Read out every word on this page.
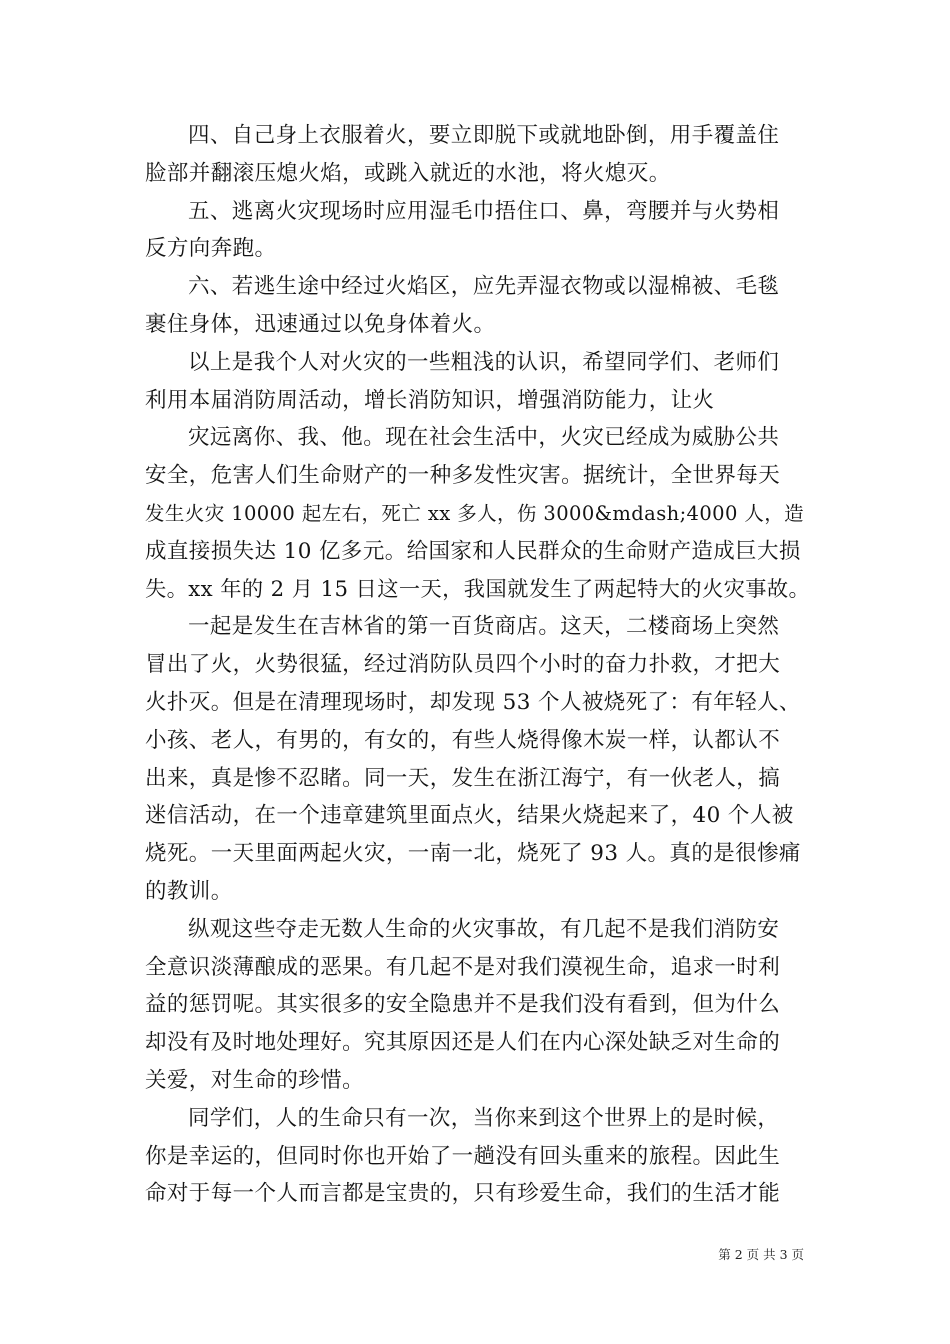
四、自己身上衣服着火，要立即脱下或就地卧倒，用手覆盖住
脸部并翻滚压熄火焰，或跳入就近的水池，将火熄灭。
五、逃离火灾现场时应用湿毛巾捂住口、鼻，弯腰并与火势相
反方向奔跑。
六、若逃生途中经过火焰区，应先弄湿衣物或以湿棉被、毛毯
裹住身体，迅速通过以免身体着火。
以上是我个人对火灾的一些粗浅的认识，希望同学们、老师们
利用本届消防周活动，增长消防知识，增强消防能力，让火
灾远离你、我、他。现在社会生活中，火灾已经成为威胁公共
安全，危害人们生命财产的一种多发性灾害。据统计，全世界每天
发生火灾 10000 起左右，死亡 xx 多人，伤 3000&mdash;4000 人，造
成直接损失达 10 亿多元。给国家和人民群众的生命财产造成巨大损
失。xx 年的 2 月 15 日这一天，我国就发生了两起特大的火灾事故。
一起是发生在吉林省的第一百货商店。这天，二楼商场上突然
冒出了火，火势很猛，经过消防队员四个小时的奋力扑救，才把大
火扑灭。但是在清理现场时，却发现 53 个人被烧死了：有年轻人、
小孩、老人，有男的，有女的，有些人烧得像木炭一样，认都认不
出来，真是惨不忍睹。同一天，发生在浙江海宁，有一伙老人，搞
迷信活动，在一个违章建筑里面点火，结果火烧起来了，40 个人被
烧死。一天里面两起火灾，一南一北，烧死了 93 人。真的是很惨痛
的教训。
纵观这些夺走无数人生命的火灾事故，有几起不是我们消防安
全意识淡薄酿成的恶果。有几起不是对我们漠视生命，追求一时利
益的惩罚呢。其实很多的安全隐患并不是我们没有看到，但为什么
却没有及时地处理好。究其原因还是人们在内心深处缺乏对生命的
关爱，对生命的珍惜。
同学们，人的生命只有一次，当你来到这个世界上的是时候，
你是幸运的，但同时你也开始了一趟没有回头重来的旅程。因此生
命对于每一个人而言都是宝贵的，只有珍爱生命，我们的生活才能
第 2 页 共 3 页
